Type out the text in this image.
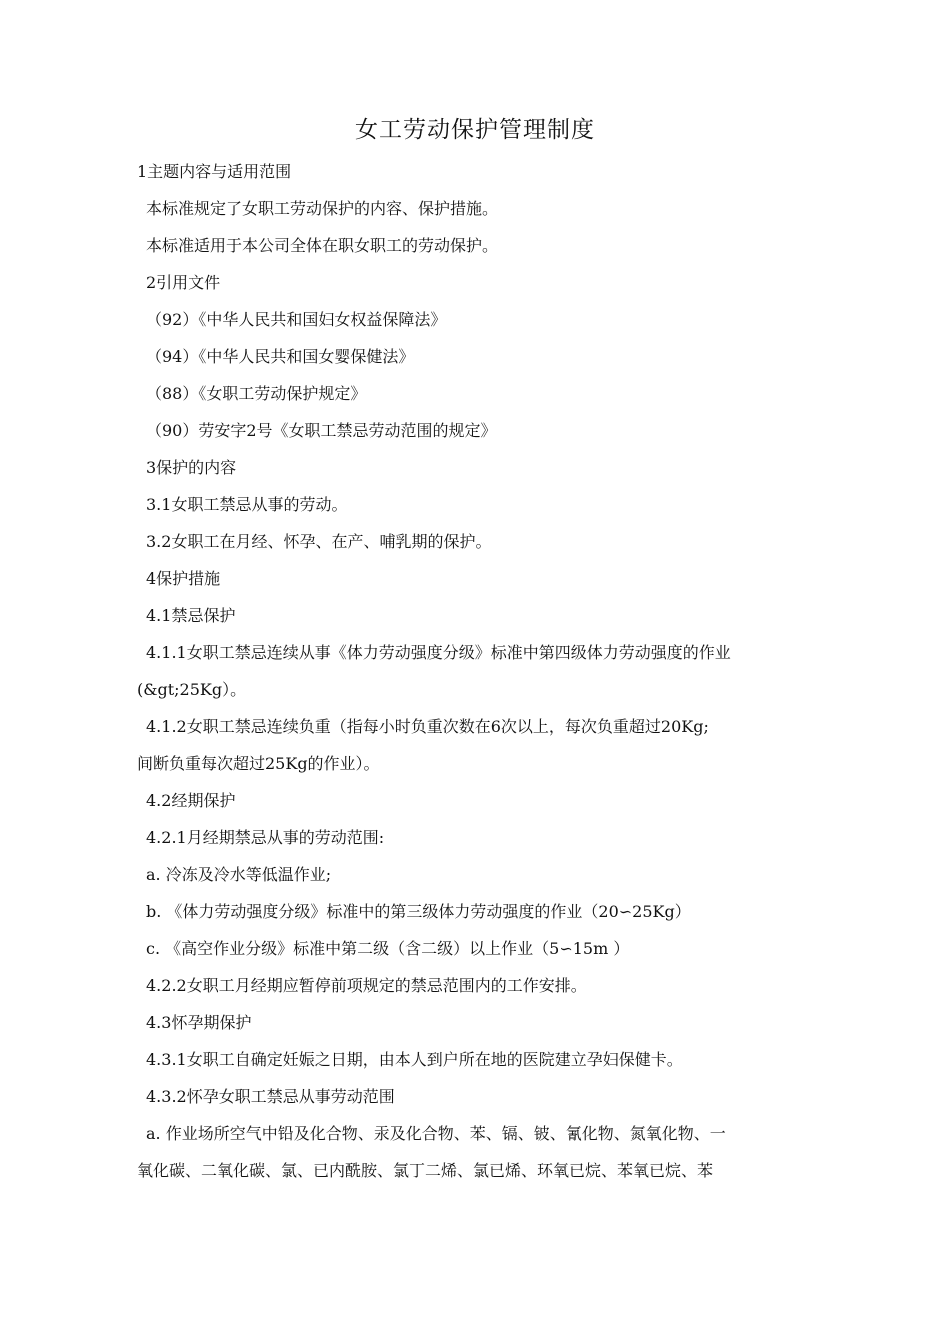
女工劳动保护管理制度

1主题内容与适用范围

本标准规定了女职工劳动保护的内容、保护措施。

本标准适用于本公司全体在职女职工的劳动保护。

2引用文件

（92）《中华人民共和国妇女权益保障法》

（94）《中华人民共和国女婴保健法》

（88）《女职工劳动保护规定》

（90）劳安字2号《女职工禁忌劳动范围的规定》

3保护的内容

3.1女职工禁忌从事的劳动。

3.2女职工在月经、怀孕、在产、哺乳期的保护。

4保护措施

4.1禁忌保护

4.1.1女职工禁忌连续从事《体力劳动强度分级》标准中第四级体力劳动强度的作业

(&gt;25Kg）。

4.1.2女职工禁忌连续负重（指每小时负重次数在6次以上，每次负重超过20Kg;

间断负重每次超过25Kg的作业）。

4.2经期保护

4.2.1月经期禁忌从事的劳动范围:

a. 冷冻及冷水等低温作业;

b. 《体力劳动强度分级》标准中的第三级体力劳动强度的作业（20∽25Kg）

c. 《高空作业分级》标准中第二级（含二级）以上作业（5∽15m ）

4.2.2女职工月经期应暂停前项规定的禁忌范围内的工作安排。

4.3怀孕期保护

4.3.1女职工自确定妊娠之日期，由本人到户所在地的医院建立孕妇保健卡。

4.3.2怀孕女职工禁忌从事劳动范围

a. 作业场所空气中铅及化合物、汞及化合物、苯、镉、铍、氰化物、氮氧化物、一

氧化碳、二氧化碳、氯、已内酰胺、氯丁二烯、氯已烯、环氧已烷、苯氧已烷、苯
